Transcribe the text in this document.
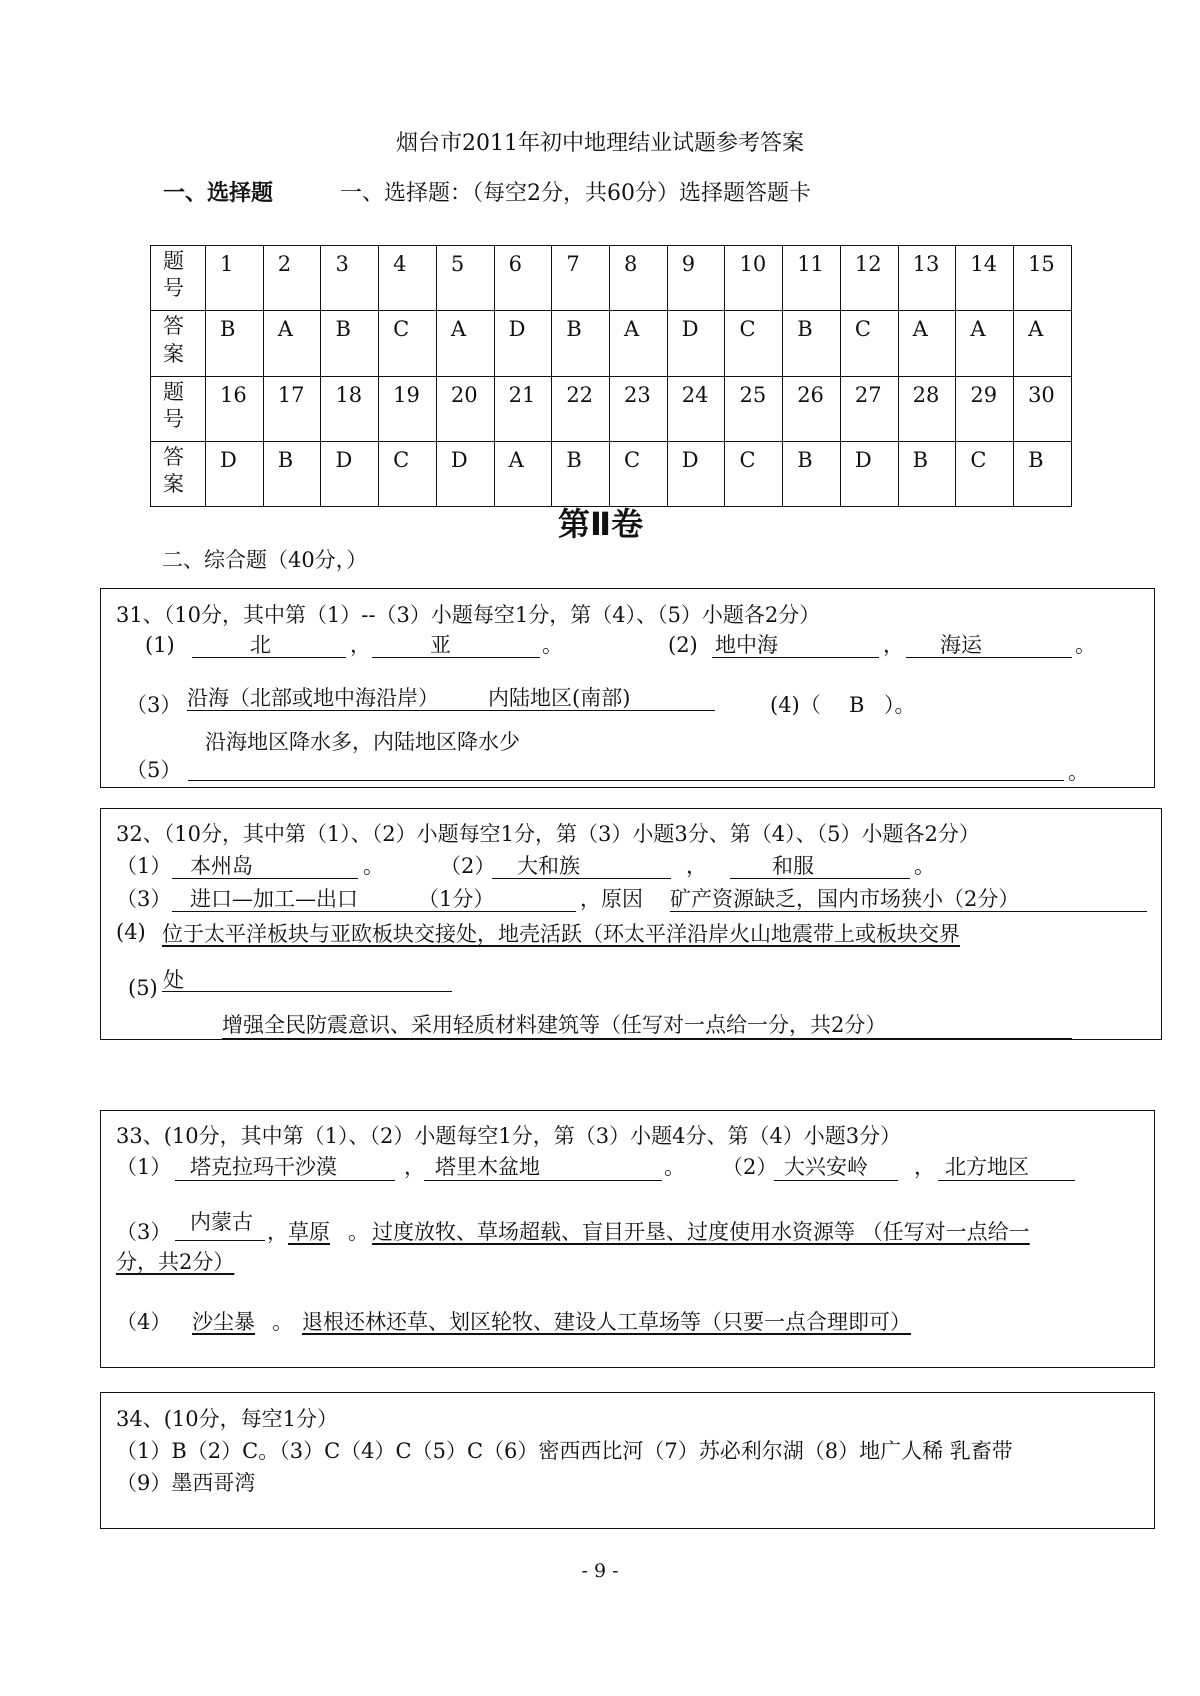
烟台市2011年初中地理结业试题参考答案
一、选择题	一、选择题：（每空2分，共60分）选择题答题卡
题号	1	2	3	4	5	6	7	8	9	10	11	12	13	14	15

答案	B	A	B	C	A	D	B	A	D	C	B	C	A	A	A

题号	16	17	18	19	20	21	22	23	24	25	26	27	28	29	30

答案	D	B	D	C	D	A	B	C	D	C	B	D	B	C	B
第Ⅱ卷
二、综合题（40分，）
31、（10分，其中第（1）--（3）小题每空1分，第（4）、（5）小题各2分）
(1)	北	，	亚	。	(2) 地中海	， 海运	。
（3） 沿海（北部或地中海沿岸） 内陆地区(南部)	(4)（ B ）。
沿海地区降水多，内陆地区降水少
（5）	。
32、（10分，其中第（1）、（2）小题每空1分，第（3）小题3分、第（4）、（5）小题各2分）
（1） 本州岛	。	（2） 大和族	，	和服	。
（3） 进口—加工—出口	（1分）	，原因 矿产资源缺乏，国内市场狭小（2分）
(4) 位于太平洋板块与亚欧板块交接处，地壳活跃（环太平洋沿岸火山地震带上或板块交界
(5) 处
增强全民防震意识、采用轻质材料建筑等（任写对一点给一分，共2分）
33、(10分，其中第（1）、（2）小题每空1分，第（3）小题4分、第（4）小题3分）
（1） 塔克拉玛干沙漠	， 塔里木盆地	。 （2） 大兴安岭 ， 北方地区
（3） 内蒙古 ， 草原 。 过度放牧、草场超载、盲目开垦、过度使用水资源等 （任写对一点给一
分，共2分）
（4） 沙尘暴 。 退根还林还草、划区轮牧、建设人工草场等（只要一点合理即可）
34、(10分，每空1分）
（1）B（2）C。（3）C（4）C（5）C（6）密西西比河（7）苏必利尔湖（8）地广人稀 乳畜带
（9）墨西哥湾
- 9 -
